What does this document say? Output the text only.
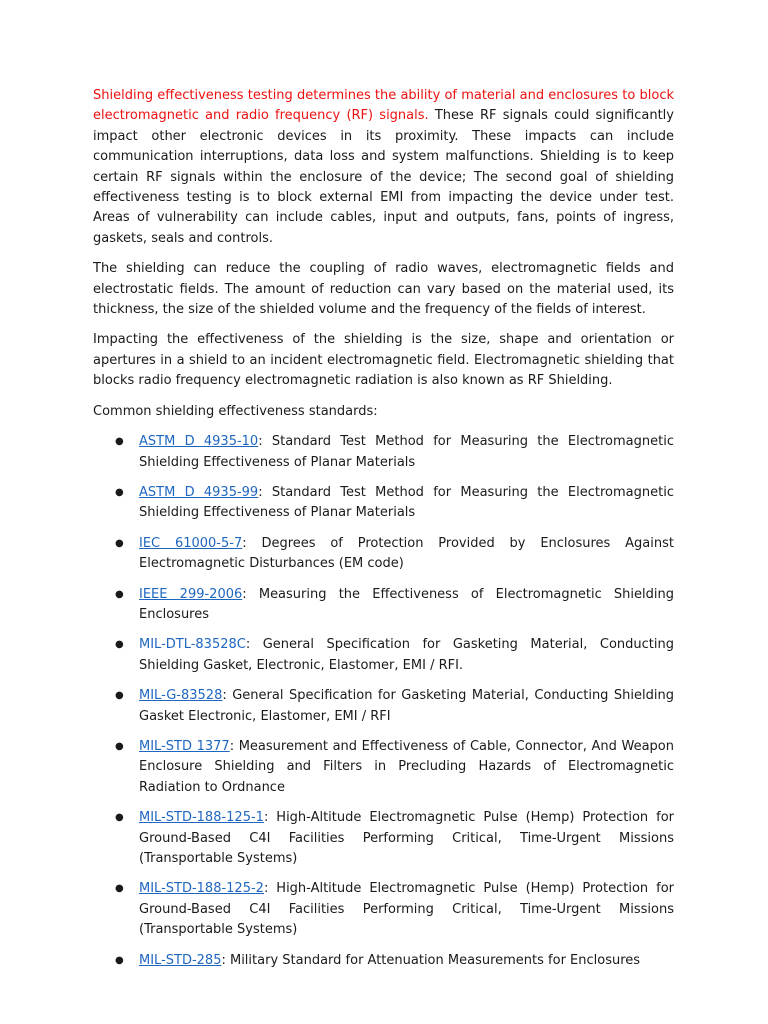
Shielding effectiveness testing determines the ability of material and enclosures to block electromagnetic and radio frequency (RF) signals. These RF signals could significantly impact other electronic devices in its proximity. These impacts can include communication interruptions, data loss and system malfunctions. Shielding is to keep certain RF signals within the enclosure of the device; The second goal of shielding effectiveness testing is to block external EMI from impacting the device under test. Areas of vulnerability can include cables, input and outputs, fans, points of ingress, gaskets, seals and controls.

The shielding can reduce the coupling of radio waves, electromagnetic fields and electrostatic fields. The amount of reduction can vary based on the material used, its thickness, the size of the shielded volume and the frequency of the fields of interest.

Impacting the effectiveness of the shielding is the size, shape and orientation or apertures in a shield to an incident electromagnetic field. Electromagnetic shielding that blocks radio frequency electromagnetic radiation is also known as RF Shielding.

Common shielding effectiveness standards:

● ASTM D 4935-10: Standard Test Method for Measuring the Electromagnetic Shielding Effectiveness of Planar Materials
● ASTM D 4935-99: Standard Test Method for Measuring the Electromagnetic Shielding Effectiveness of Planar Materials
● IEC 61000-5-7: Degrees of Protection Provided by Enclosures Against Electromagnetic Disturbances (EM code)
● IEEE 299-2006: Measuring the Effectiveness of Electromagnetic Shielding Enclosures
● MIL-DTL-83528C: General Specification for Gasketing Material, Conducting Shielding Gasket, Electronic, Elastomer, EMI / RFI.
● MIL-G-83528: General Specification for Gasketing Material, Conducting Shielding Gasket Electronic, Elastomer, EMI / RFI
● MIL-STD 1377: Measurement and Effectiveness of Cable, Connector, And Weapon Enclosure Shielding and Filters in Precluding Hazards of Electromagnetic Radiation to Ordnance
● MIL-STD-188-125-1: High-Altitude Electromagnetic Pulse (Hemp) Protection for Ground-Based C4I Facilities Performing Critical, Time-Urgent Missions (Transportable Systems)
● MIL-STD-188-125-2: High-Altitude Electromagnetic Pulse (Hemp) Protection for Ground-Based C4I Facilities Performing Critical, Time-Urgent Missions (Transportable Systems)
● MIL-STD-285: Military Standard for Attenuation Measurements for Enclosures
